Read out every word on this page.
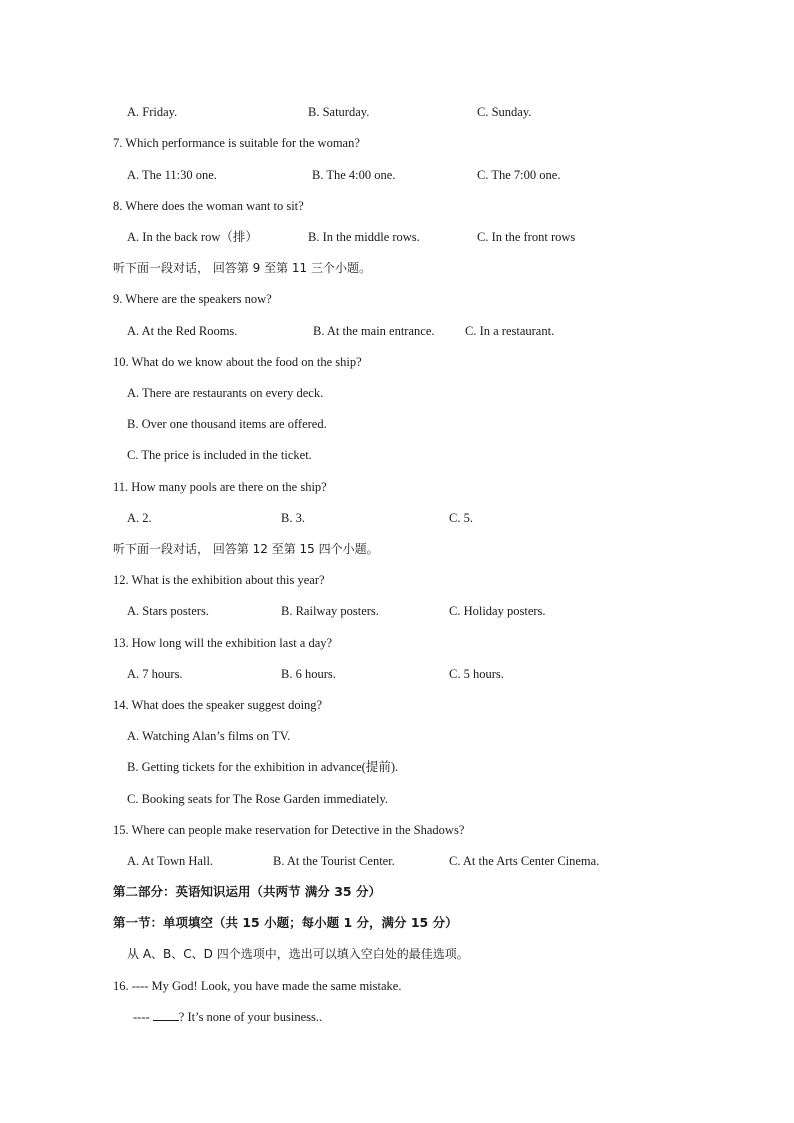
A. Friday.	B. Saturday.	C. Sunday.
7. Which performance is suitable for the woman?
A. The 11:30 one.	B. The 4:00 one.	C. The 7:00 one.
8. Where does the woman want to sit?
A. In the back row（排）	B. In the middle rows.	C. In the front rows
听下面一段对话， 回答第 9 至第 11 三个小题。
9. Where are the speakers now?
A. At the Red Rooms.	B. At the main entrance. C. In a restaurant.
10. What do we know about the food on the ship?
A. There are restaurants on every deck.
B. Over one thousand items are offered.
C. The price is included in the ticket.
11. How many pools are there on the ship?
A. 2.	B. 3.	C. 5.
听下面一段对话， 回答第 12 至第 15 四个小题。
12. What is the exhibition about this year?
A. Stars posters.	B. Railway posters.	C. Holiday posters.
13. How long will the exhibition last a day?
A. 7 hours.	B. 6 hours.	C. 5 hours.
14. What does the speaker suggest doing?
A. Watching Alan’s films on TV.
B. Getting tickets for the exhibition in advance(提前).
C. Booking seats for The Rose Garden immediately.
15. Where can people make reservation for Detective in the Shadows?
A. At Town Hall.	B. At the Tourist Center.	C. At the Arts Center Cinema.
第二部分：英语知识运用（共两节 满分 35 分）
第一节：单项填空（共 15 小题；每小题 1 分，满分 15 分）
从 A、B、C、D 四个选项中，选出可以填入空白处的最佳选项。
16. ---- My God! Look, you have made the same mistake.
---- ? It’s none of your business..
